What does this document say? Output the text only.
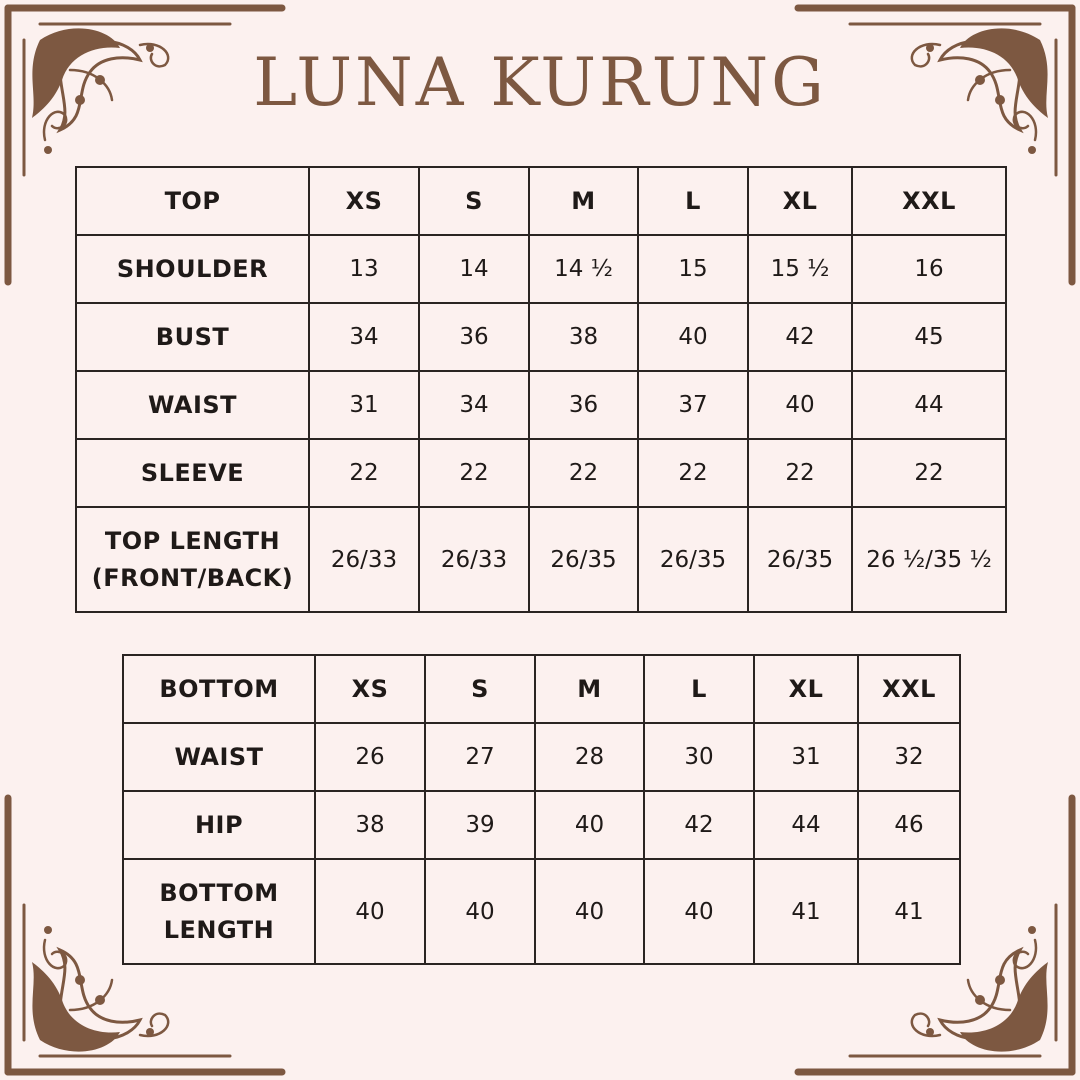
LUNA KURUNG
TOP	XS	S	M	L	XL	XXL
SHOULDER	13	14	14 ½	15	15 ½	16
BUST	34	36	38	40	42	45
WAIST	31	34	36	37	40	44
SLEEVE	22	22	22	22	22	22
TOP LENGTH
(FRONT/BACK)	26/33	26/33	26/35	26/35	26/35	26 ½/35 ½
BOTTOM	XS	S	M	L	XL	XXL
WAIST	26	27	28	30	31	32
HIP	38	39	40	42	44	46
BOTTOM
LENGTH	40	40	40	40	41	41
